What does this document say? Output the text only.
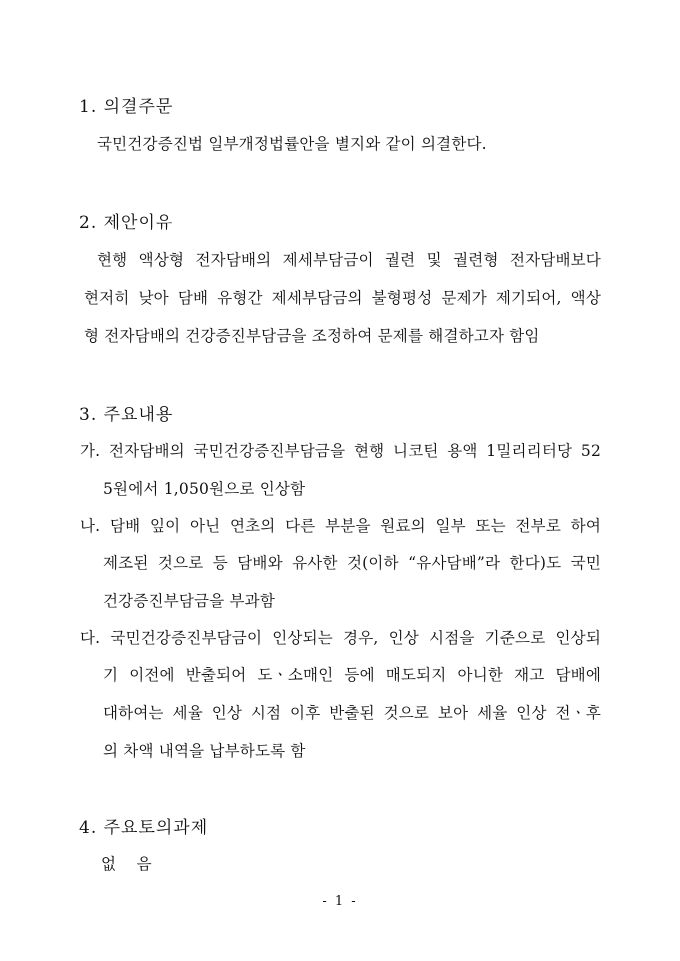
1. 의결주문
국민건강증진법 일부개정법률안을 별지와 같이 의결한다.
2. 제안이유
현행 액상형 전자담배의 제세부담금이 궐련 및 궐련형 전자담배보다
현저히 낮아 담배 유형간 제세부담금의 불형평성 문제가 제기되어, 액상
형 전자담배의 건강증진부담금을 조정하여 문제를 해결하고자 함임
3. 주요내용
가. 전자담배의 국민건강증진부담금을 현행 니코틴 용액 1밀리리터당 52
5원에서 1,050원으로 인상함
나. 담배 잎이 아닌 연초의 다른 부분을 원료의 일부 또는 전부로 하여
제조된 것으로 등 담배와 유사한 것(이하 “유사담배”라 한다)도 국민
건강증진부담금을 부과함
다. 국민건강증진부담금이 인상되는 경우, 인상 시점을 기준으로 인상되
기 이전에 반출되어 도ㆍ소매인 등에 매도되지 아니한 재고 담배에
대하여는 세율 인상 시점 이후 반출된 것으로 보아 세율 인상 전ㆍ후
의 차액 내역을 납부하도록 함
4. 주요토의과제
없    음
- 1 -
